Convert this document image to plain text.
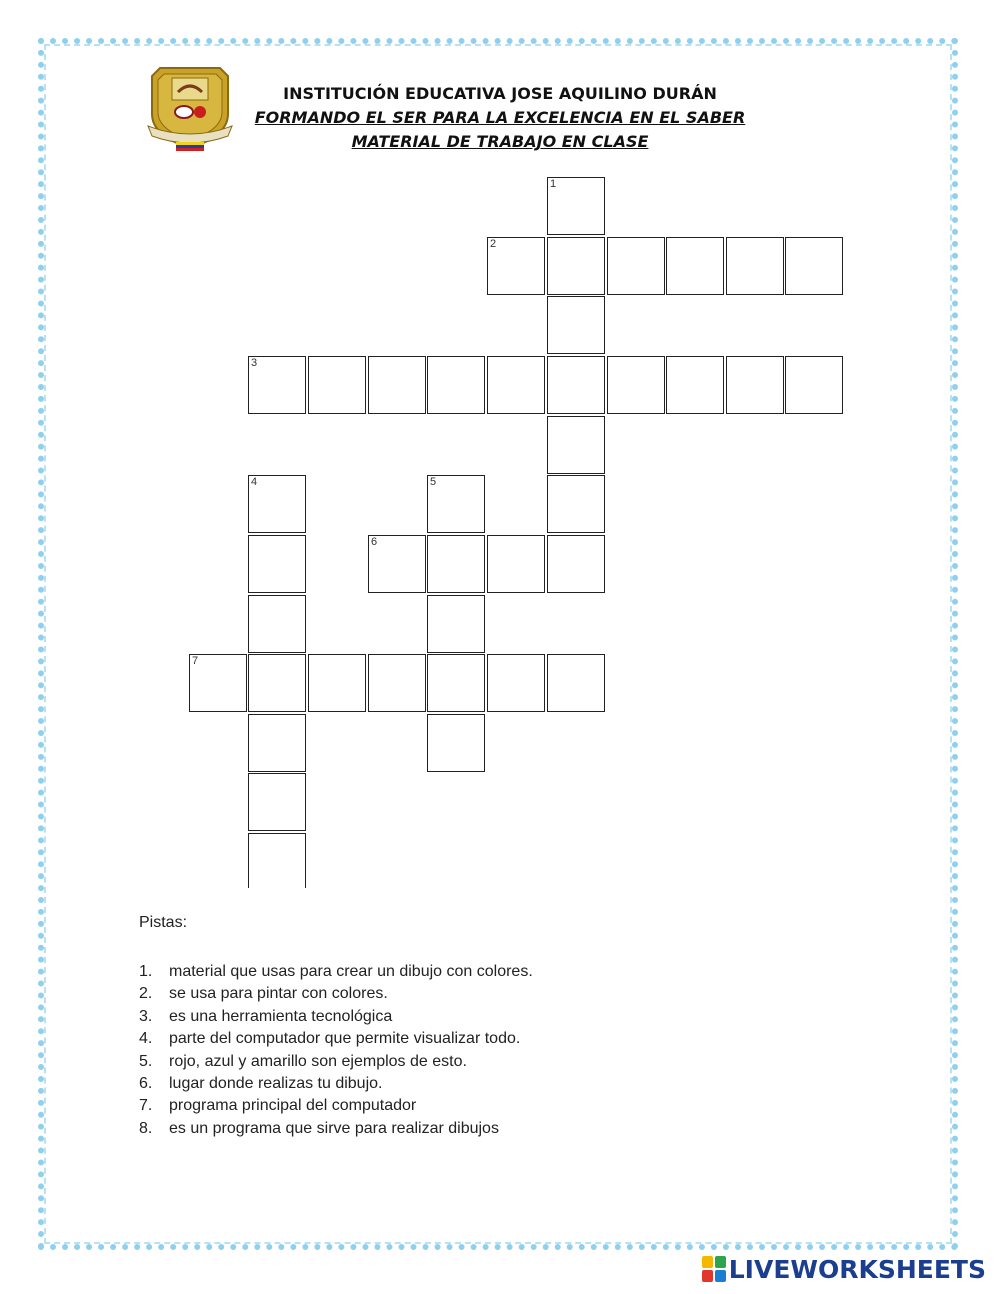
INSTITUCIÓN EDUCATIVA JOSE AQUILINO DURÁN
FORMANDO EL SER PARA LA EXCELENCIA EN EL SABER
MATERIAL DE TRABAJO EN CLASE
1
2
3
4	5
6
7
Pistas:
1. material que usas para crear un dibujo con colores.
2. se usa para pintar con colores.
3. es una herramienta tecnológica
4. parte del computador que permite visualizar todo.
5. rojo, azul y amarillo son ejemplos de esto.
6. lugar donde realizas tu dibujo.
7. programa principal del computador
8. es un programa que sirve para realizar dibujos
LIVEWORKSHEETS
